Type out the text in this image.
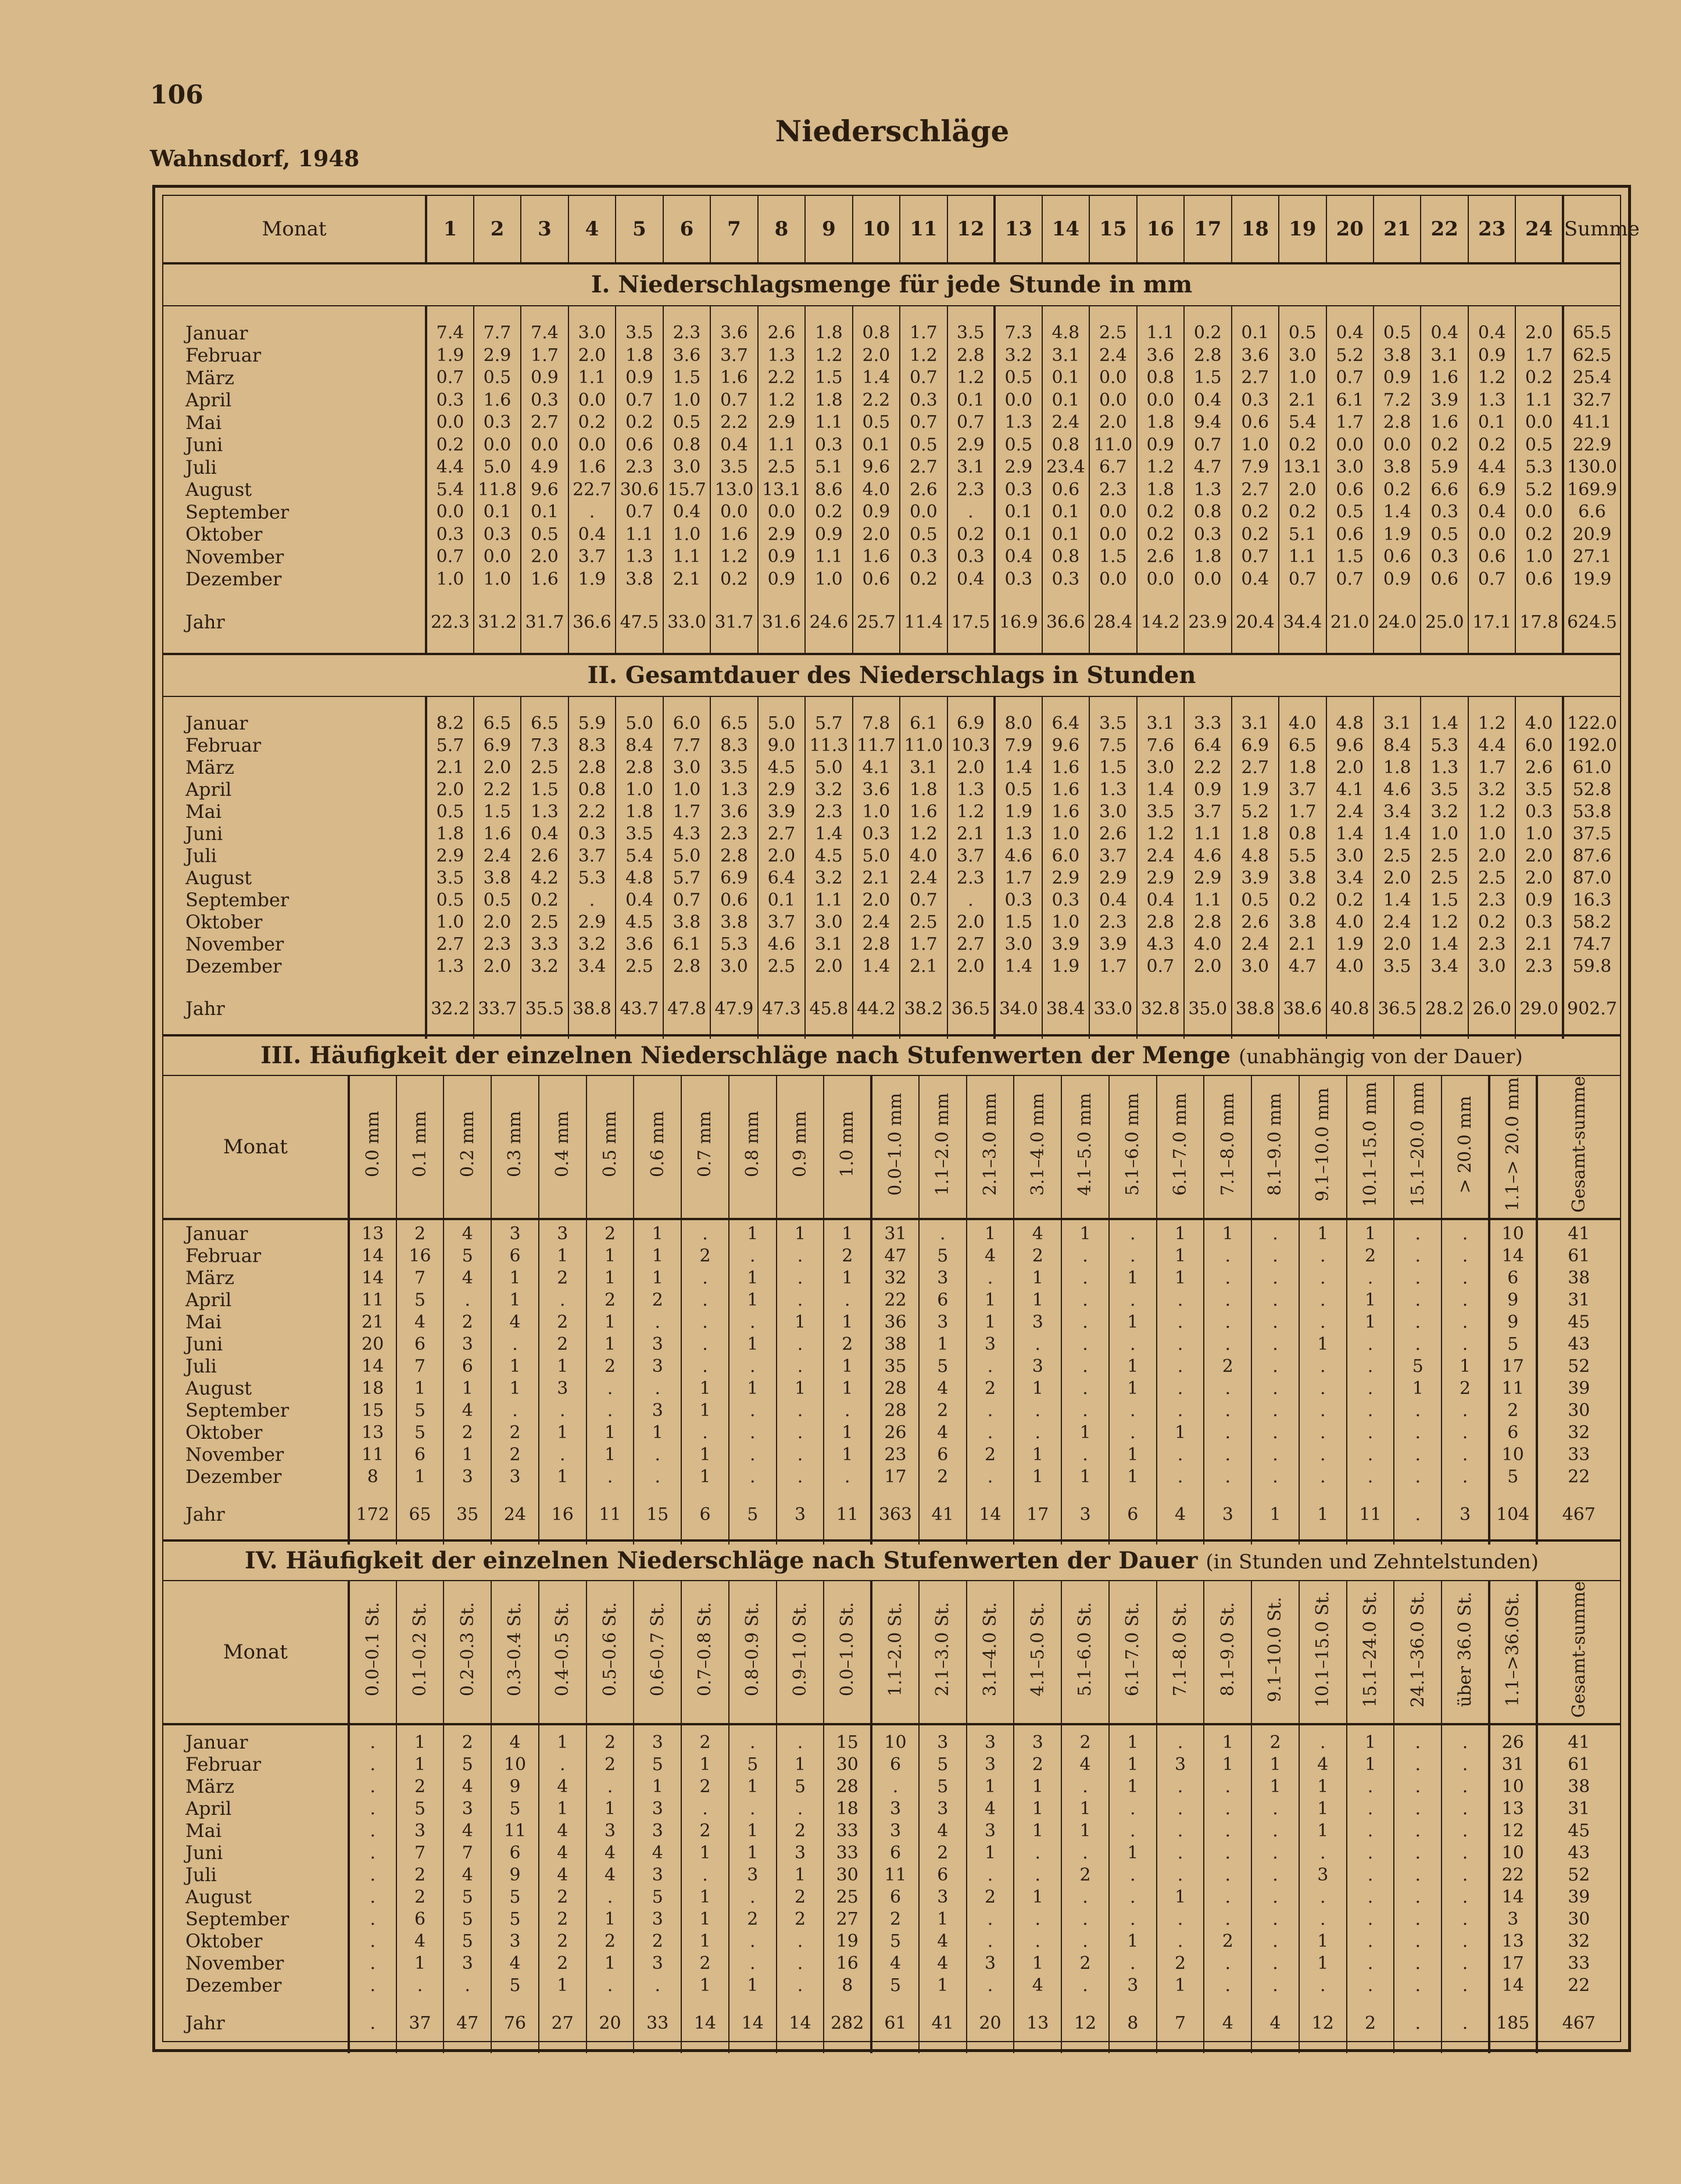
106
Wahnsdorf, 1948
Niederschläge
Monat	1	2	3	4	5	6	7	8	9	10	11	12	13	14	15	16	17	18	19	20	21	22	23	24	Summe
I. Niederschlagsmenge für jede Stunde in mm

Januar	7.4	7.7	7.4	3.0	3.5	2.3	3.6	2.6	1.8	0.8	1.7	3.5	7.3	4.8	2.5	1.1	0.2	0.1	0.5	0.4	0.5	0.4	0.4	2.0	65.5
Februar	1.9	2.9	1.7	2.0	1.8	3.6	3.7	1.3	1.2	2.0	1.2	2.8	3.2	3.1	2.4	3.6	2.8	3.6	3.0	5.2	3.8	3.1	0.9	1.7	62.5
März	0.7	0.5	0.9	1.1	0.9	1.5	1.6	2.2	1.5	1.4	0.7	1.2	0.5	0.1	0.0	0.8	1.5	2.7	1.0	0.7	0.9	1.6	1.2	0.2	25.4
April	0.3	1.6	0.3	0.0	0.7	1.0	0.7	1.2	1.8	2.2	0.3	0.1	0.0	0.1	0.0	0.0	0.4	0.3	2.1	6.1	7.2	3.9	1.3	1.1	32.7
Mai	0.0	0.3	2.7	0.2	0.2	0.5	2.2	2.9	1.1	0.5	0.7	0.7	1.3	2.4	2.0	1.8	9.4	0.6	5.4	1.7	2.8	1.6	0.1	0.0	41.1
Juni	0.2	0.0	0.0	0.0	0.6	0.8	0.4	1.1	0.3	0.1	0.5	2.9	0.5	0.8	11.0	0.9	0.7	1.0	0.2	0.0	0.0	0.2	0.2	0.5	22.9
Juli	4.4	5.0	4.9	1.6	2.3	3.0	3.5	2.5	5.1	9.6	2.7	3.1	2.9	23.4	6.7	1.2	4.7	7.9	13.1	3.0	3.8	5.9	4.4	5.3	130.0
August	5.4	11.8	9.6	22.7	30.6	15.7	13.0	13.1	8.6	4.0	2.6	2.3	0.3	0.6	2.3	1.8	1.3	2.7	2.0	0.6	0.2	6.6	6.9	5.2	169.9
September	0.0	0.1	0.1	.	0.7	0.4	0.0	0.0	0.2	0.9	0.0	.	0.1	0.1	0.0	0.2	0.8	0.2	0.2	0.5	1.4	0.3	0.4	0.0	6.6
Oktober	0.3	0.3	0.5	0.4	1.1	1.0	1.6	2.9	0.9	2.0	0.5	0.2	0.1	0.1	0.0	0.2	0.3	0.2	5.1	0.6	1.9	0.5	0.0	0.2	20.9
November	0.7	0.0	2.0	3.7	1.3	1.1	1.2	0.9	1.1	1.6	0.3	0.3	0.4	0.8	1.5	2.6	1.8	0.7	1.1	1.5	0.6	0.3	0.6	1.0	27.1
Dezember	1.0	1.0	1.6	1.9	3.8	2.1	0.2	0.9	1.0	0.6	0.2	0.4	0.3	0.3	0.0	0.0	0.0	0.4	0.7	0.7	0.9	0.6	0.7	0.6	19.9

Jahr	22.3	31.2	31.7	36.6	47.5	33.0	31.7	31.6	24.6	25.7	11.4	17.5	16.9	36.6	28.4	14.2	23.9	20.4	34.4	21.0	24.0	25.0	17.1	17.8	624.5

II. Gesamtdauer des Niederschlags in Stunden

Januar	8.2	6.5	6.5	5.9	5.0	6.0	6.5	5.0	5.7	7.8	6.1	6.9	8.0	6.4	3.5	3.1	3.3	3.1	4.0	4.8	3.1	1.4	1.2	4.0	122.0
Februar	5.7	6.9	7.3	8.3	8.4	7.7	8.3	9.0	11.3	11.7	11.0	10.3	7.9	9.6	7.5	7.6	6.4	6.9	6.5	9.6	8.4	5.3	4.4	6.0	192.0
März	2.1	2.0	2.5	2.8	2.8	3.0	3.5	4.5	5.0	4.1	3.1	2.0	1.4	1.6	1.5	3.0	2.2	2.7	1.8	2.0	1.8	1.3	1.7	2.6	61.0
April	2.0	2.2	1.5	0.8	1.0	1.0	1.3	2.9	3.2	3.6	1.8	1.3	0.5	1.6	1.3	1.4	0.9	1.9	3.7	4.1	4.6	3.5	3.2	3.5	52.8
Mai	0.5	1.5	1.3	2.2	1.8	1.7	3.6	3.9	2.3	1.0	1.6	1.2	1.9	1.6	3.0	3.5	3.7	5.2	1.7	2.4	3.4	3.2	1.2	0.3	53.8
Juni	1.8	1.6	0.4	0.3	3.5	4.3	2.3	2.7	1.4	0.3	1.2	2.1	1.3	1.0	2.6	1.2	1.1	1.8	0.8	1.4	1.4	1.0	1.0	1.0	37.5
Juli	2.9	2.4	2.6	3.7	5.4	5.0	2.8	2.0	4.5	5.0	4.0	3.7	4.6	6.0	3.7	2.4	4.6	4.8	5.5	3.0	2.5	2.5	2.0	2.0	87.6
August	3.5	3.8	4.2	5.3	4.8	5.7	6.9	6.4	3.2	2.1	2.4	2.3	1.7	2.9	2.9	2.9	2.9	3.9	3.8	3.4	2.0	2.5	2.5	2.0	87.0
September	0.5	0.5	0.2	.	0.4	0.7	0.6	0.1	1.1	2.0	0.7	.	0.3	0.3	0.4	0.4	1.1	0.5	0.2	0.2	1.4	1.5	2.3	0.9	16.3
Oktober	1.0	2.0	2.5	2.9	4.5	3.8	3.8	3.7	3.0	2.4	2.5	2.0	1.5	1.0	2.3	2.8	2.8	2.6	3.8	4.0	2.4	1.2	0.2	0.3	58.2
November	2.7	2.3	3.3	3.2	3.6	6.1	5.3	4.6	3.1	2.8	1.7	2.7	3.0	3.9	3.9	4.3	4.0	2.4	2.1	1.9	2.0	1.4	2.3	2.1	74.7
Dezember	1.3	2.0	3.2	3.4	2.5	2.8	3.0	2.5	2.0	1.4	2.1	2.0	1.4	1.9	1.7	0.7	2.0	3.0	4.7	4.0	3.5	3.4	3.0	2.3	59.8

Jahr	32.2	33.7	35.5	38.8	43.7	47.8	47.9	47.3	45.8	44.2	38.2	36.5	34.0	38.4	33.0	32.8	35.0	38.8	38.6	40.8	36.5	28.2	26.0	29.0	902.7

III. Häufigkeit der einzelnen Niederschläge nach Stufenwerten der Menge (unabhängig von der Dauer)
Monat	0.0 mm	0.1 mm	0.2 mm	0.3 mm	0.4 mm	0.5 mm	0.6 mm	0.7 mm	0.8 mm	0.9 mm	1.0 mm	0.0–1.0 mm	1.1–2.0 mm	2.1–3.0 mm	3.1–4.0 mm	4.1–5.0 mm	5.1–6.0 mm	6.1–7.0 mm	7.1–8.0 mm	8.1–9.0 mm	9.1–10.0 mm	10.1–15.0 mm	15.1–20.0 mm	> 20.0 mm	1.1–> 20.0 mm	Gesamt-summe

Januar	13	2	4	3	3	2	1	.	1	1	1	31	.	1	4	1	.	1	1	.	1	1	.	.	10	41
Februar	14	16	5	6	1	1	1	2	.	.	2	47	5	4	2	.	.	1	.	.	.	2	.	.	14	61
März	14	7	4	1	2	1	1	.	1	.	1	32	3	.	1	.	1	1	.	.	.	.	.	.	6	38
April	11	5	.	1	.	2	2	.	1	.	.	22	6	1	1	.	.	.	.	.	.	1	.	.	9	31
Mai	21	4	2	4	2	1	.	.	.	1	1	36	3	1	3	.	1	.	.	.	.	1	.	.	9	45
Juni	20	6	3	.	2	1	3	.	1	.	2	38	1	3	.	.	.	.	.	.	1	.	.	.	5	43
Juli	14	7	6	1	1	2	3	.	.	.	1	35	5	.	3	.	1	.	2	.	.	.	5	1	17	52
August	18	1	1	1	3	.	.	1	1	1	1	28	4	2	1	.	1	.	.	.	.	.	1	2	11	39
September	15	5	4	.	.	.	3	1	.	.	.	28	2	.	.	.	.	.	.	.	.	.	.	.	2	30
Oktober	13	5	2	2	1	1	1	.	.	.	1	26	4	.	.	1	.	1	.	.	.	.	.	.	6	32
November	11	6	1	2	.	1	.	1	.	.	1	23	6	2	1	.	1	.	.	.	.	.	.	.	10	33
Dezember	8	1	3	3	1	.	.	1	.	.	.	17	2	.	1	1	1	.	.	.	.	.	.	.	5	22

Jahr	172	65	35	24	16	11	15	6	5	3	11	363	41	14	17	3	6	4	3	1	1	11	.	3	104	467

IV. Häufigkeit der einzelnen Niederschläge nach Stufenwerten der Dauer (in Stunden und Zehntelstunden)
Monat	0.0–0.1 St.	0.1–0.2 St.	0.2–0.3 St.	0.3–0.4 St.	0.4–0.5 St.	0.5–0.6 St.	0.6–0.7 St.	0.7–0.8 St.	0.8–0.9 St.	0.9–1.0 St.	0.0–1.0 St.	1.1–2.0 St.	2.1–3.0 St.	3.1–4.0 St.	4.1–5.0 St.	5.1–6.0 St.	6.1–7.0 St.	7.1–8.0 St.	8.1–9.0 St.	9.1–10.0 St.	10.1–15.0 St.	15.1–24.0 St.	24.1–36.0 St.	über 36.0 St.	1.1–>36.0St.	Gesamt-summe

Januar	.	1	2	4	1	2	3	2	.	.	15	10	3	3	3	2	1	.	1	2	.	1	.	.	26	41
Februar	.	1	5	10	.	2	5	1	5	1	30	6	5	3	2	4	1	3	1	1	4	1	.	.	31	61
März	.	2	4	9	4	.	1	2	1	5	28	.	5	1	1	.	1	.	.	1	1	.	.	.	10	38
April	.	5	3	5	1	1	3	.	.	.	18	3	3	4	1	1	.	.	.	.	1	.	.	.	13	31
Mai	.	3	4	11	4	3	3	2	1	2	33	3	4	3	1	1	.	.	.	.	1	.	.	.	12	45
Juni	.	7	7	6	4	4	4	1	1	3	33	6	2	1	.	.	1	.	.	.	.	.	.	.	10	43
Juli	.	2	4	9	4	4	3	.	3	1	30	11	6	.	.	2	.	.	.	.	3	.	.	.	22	52
August	.	2	5	5	2	.	5	1	.	2	25	6	3	2	1	.	.	1	.	.	.	.	.	.	14	39
September	.	6	5	5	2	1	3	1	2	2	27	2	1	.	.	.	.	.	.	.	.	.	.	.	3	30
Oktober	.	4	5	3	2	2	2	1	.	.	19	5	4	.	.	.	1	.	2	.	1	.	.	.	13	32
November	.	1	3	4	2	1	3	2	.	.	16	4	4	3	1	2	.	2	.	.	1	.	.	.	17	33
Dezember	.	.	.	5	1	.	.	1	1	.	8	5	1	.	4	.	3	1	.	.	.	.	.	.	14	22

Jahr	.	37	47	76	27	20	33	14	14	14	282	61	41	20	13	12	8	7	4	4	12	2	.	.	185	467
